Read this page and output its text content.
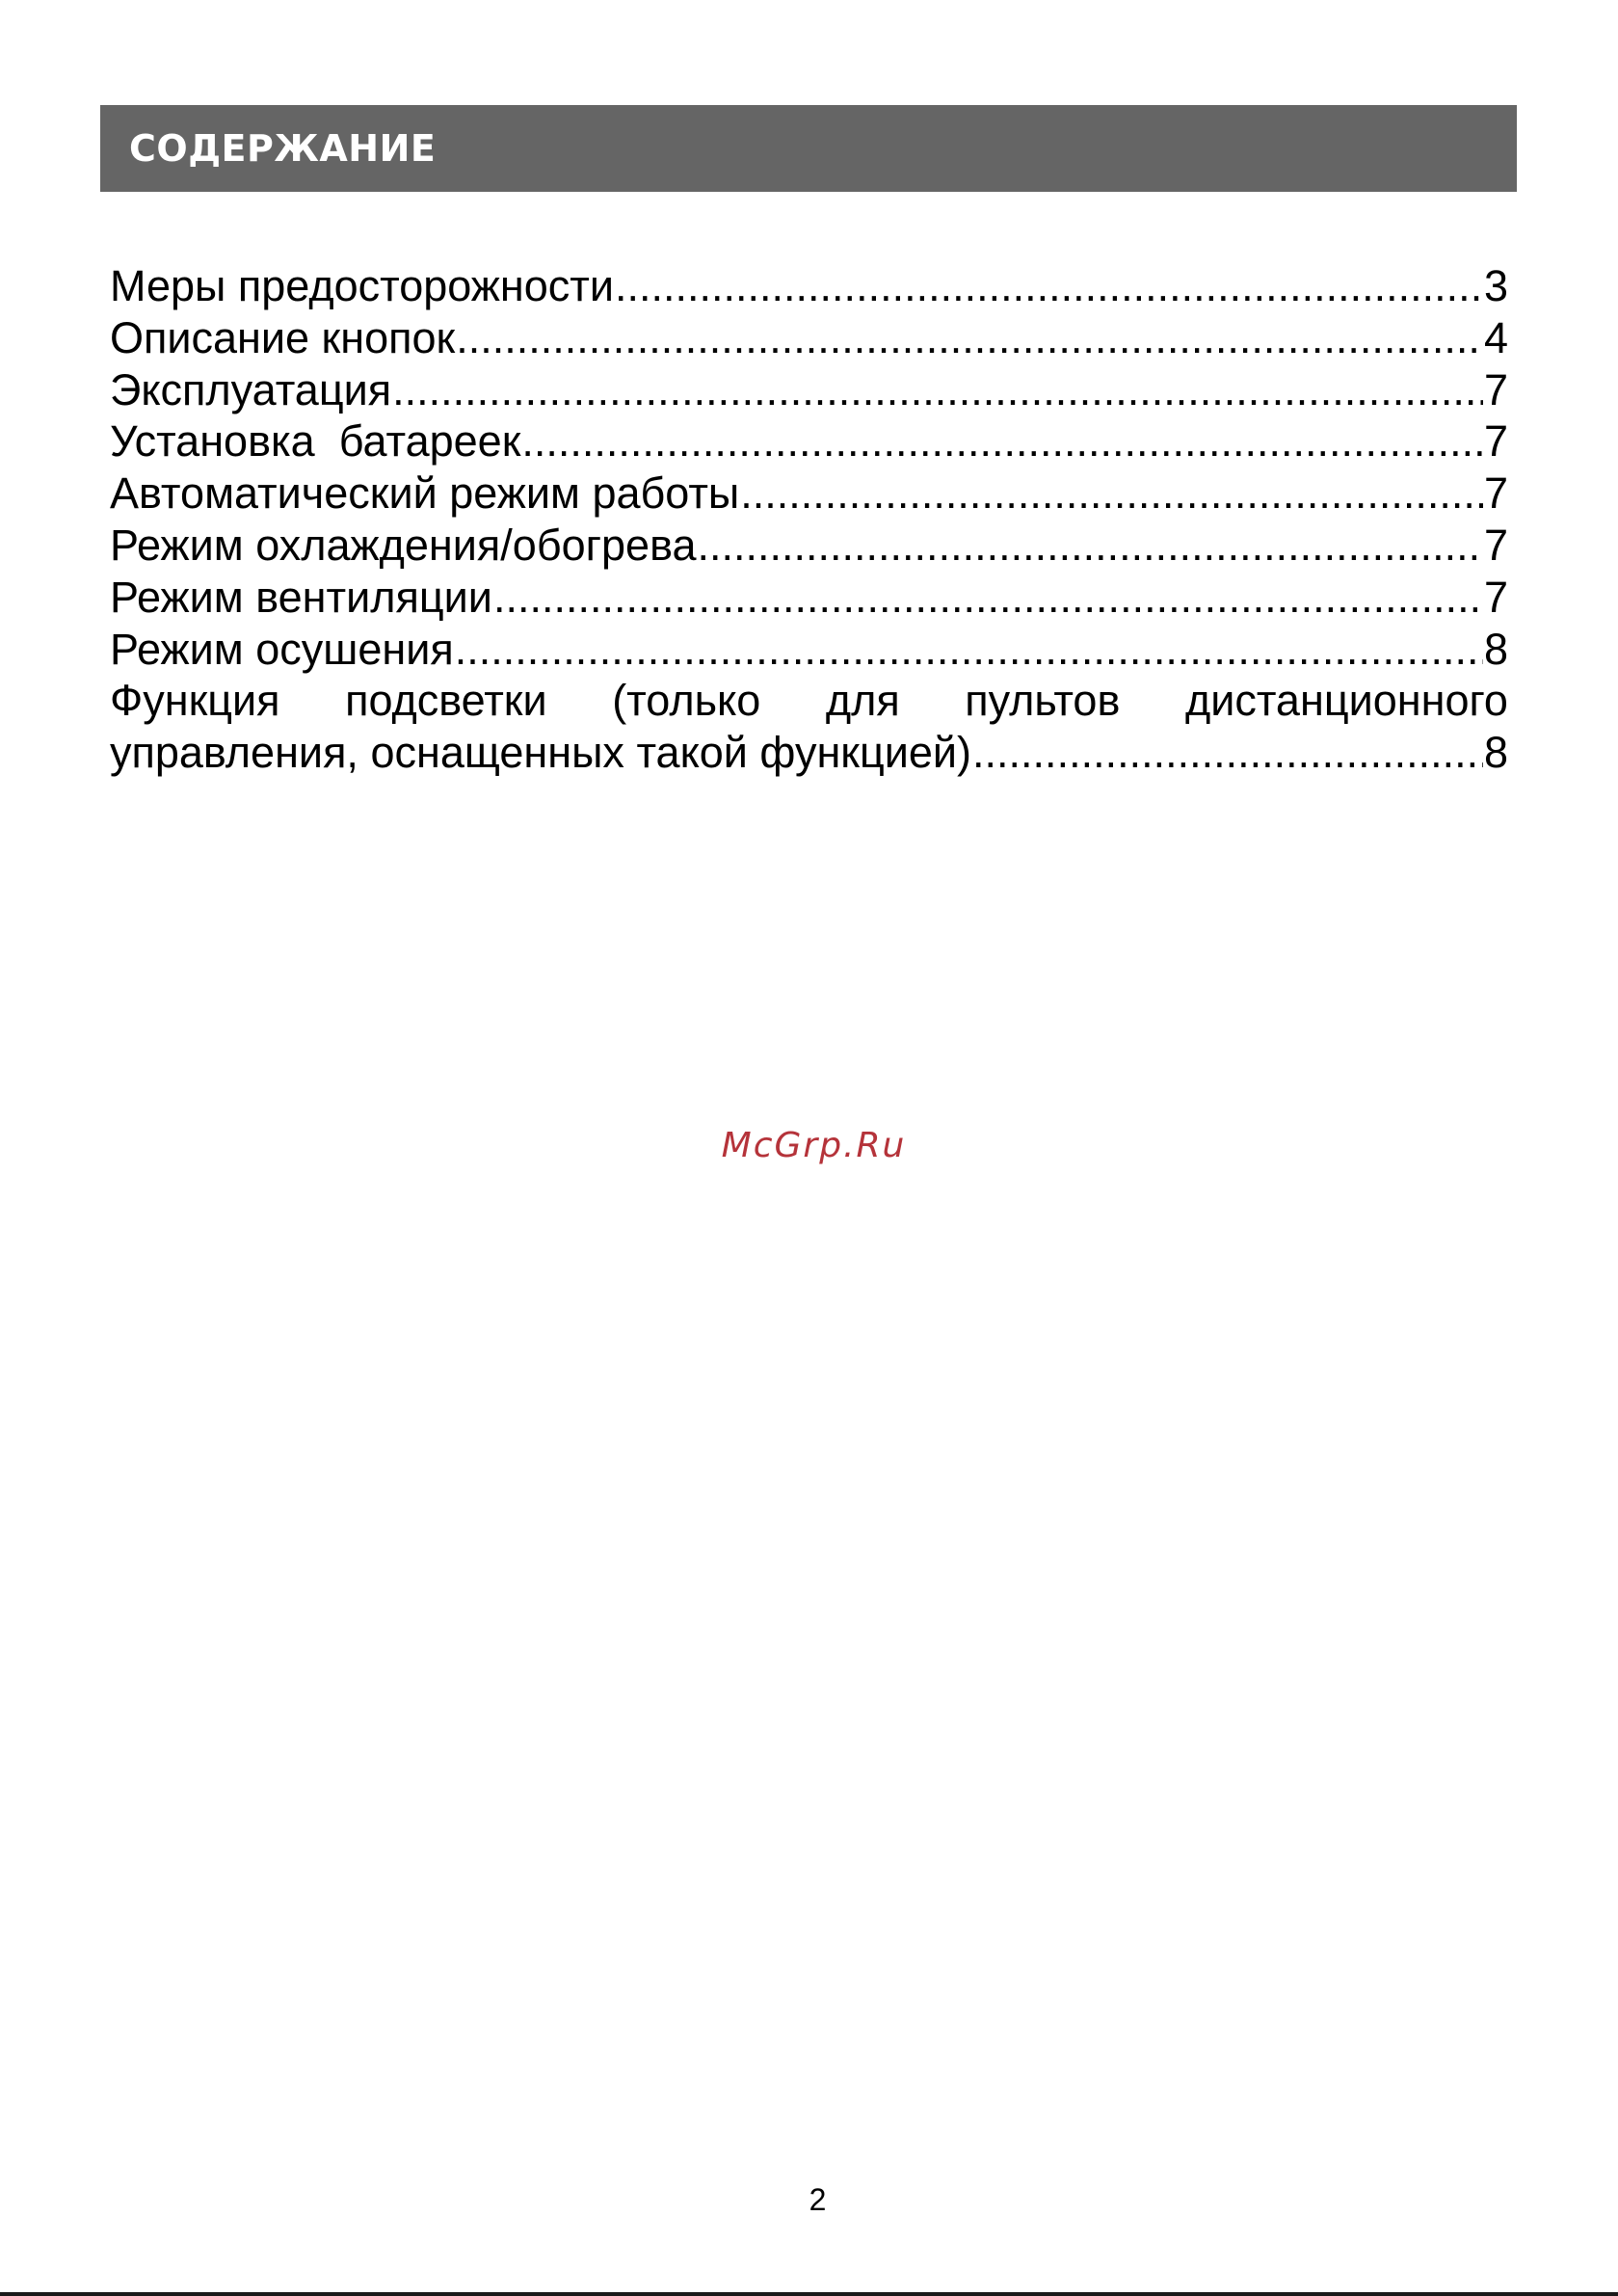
СОДЕРЖАНИЕ
Меры предосторожности .....	3
Описание кнопок .....	4
Эксплуатация .....	7
Установка  батареек .....	7
Автоматический режим работы .....	7
Режим охлаждения/обогрева .....	7
Режим вентиляции .....	7
Режим осушения .....	8
Функция подсветки (только для пультов дистанционного
управления, оснащенных такой функцией) .....	8
McGrp.Ru
2
